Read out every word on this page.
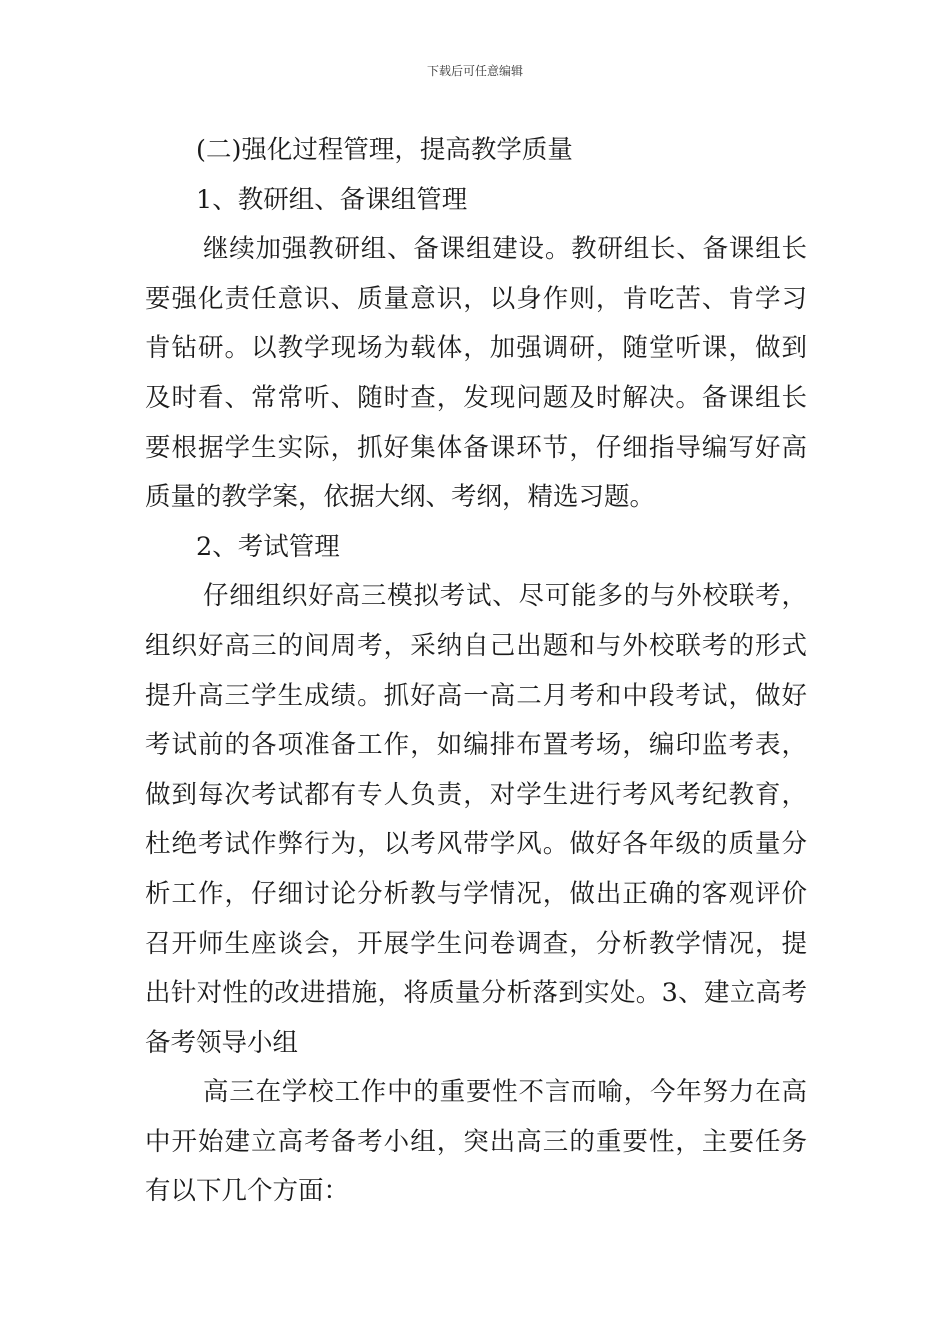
下载后可任意编辑

(二)强化过程管理，提高教学质量

1、教研组、备课组管理

继续加强教研组、备课组建设。教研组长、备课组长要强化责任意识、质量意识，以身作则，肯吃苦、肯学习肯钻研。以教学现场为载体，加强调研，随堂听课，做到及时看、常常听、随时查，发现问题及时解决。备课组长要根据学生实际，抓好集体备课环节，仔细指导编写好高质量的教学案，依据大纲、考纲，精选习题。

2、考试管理

仔细组织好高三模拟考试、尽可能多的与外校联考，组织好高三的间周考，采纳自己出题和与外校联考的形式提升高三学生成绩。抓好高一高二月考和中段考试，做好考试前的各项准备工作，如编排布置考场，编印监考表，做到每次考试都有专人负责，对学生进行考风考纪教育，杜绝考试作弊行为，以考风带学风。做好各年级的质量分析工作，仔细讨论分析教与学情况，做出正确的客观评价召开师生座谈会，开展学生问卷调查，分析教学情况，提出针对性的改进措施，将质量分析落到实处。3、建立高考备考领导小组

高三在学校工作中的重要性不言而喻，今年努力在高中开始建立高考备考小组，突出高三的重要性，主要任务有以下几个方面：
